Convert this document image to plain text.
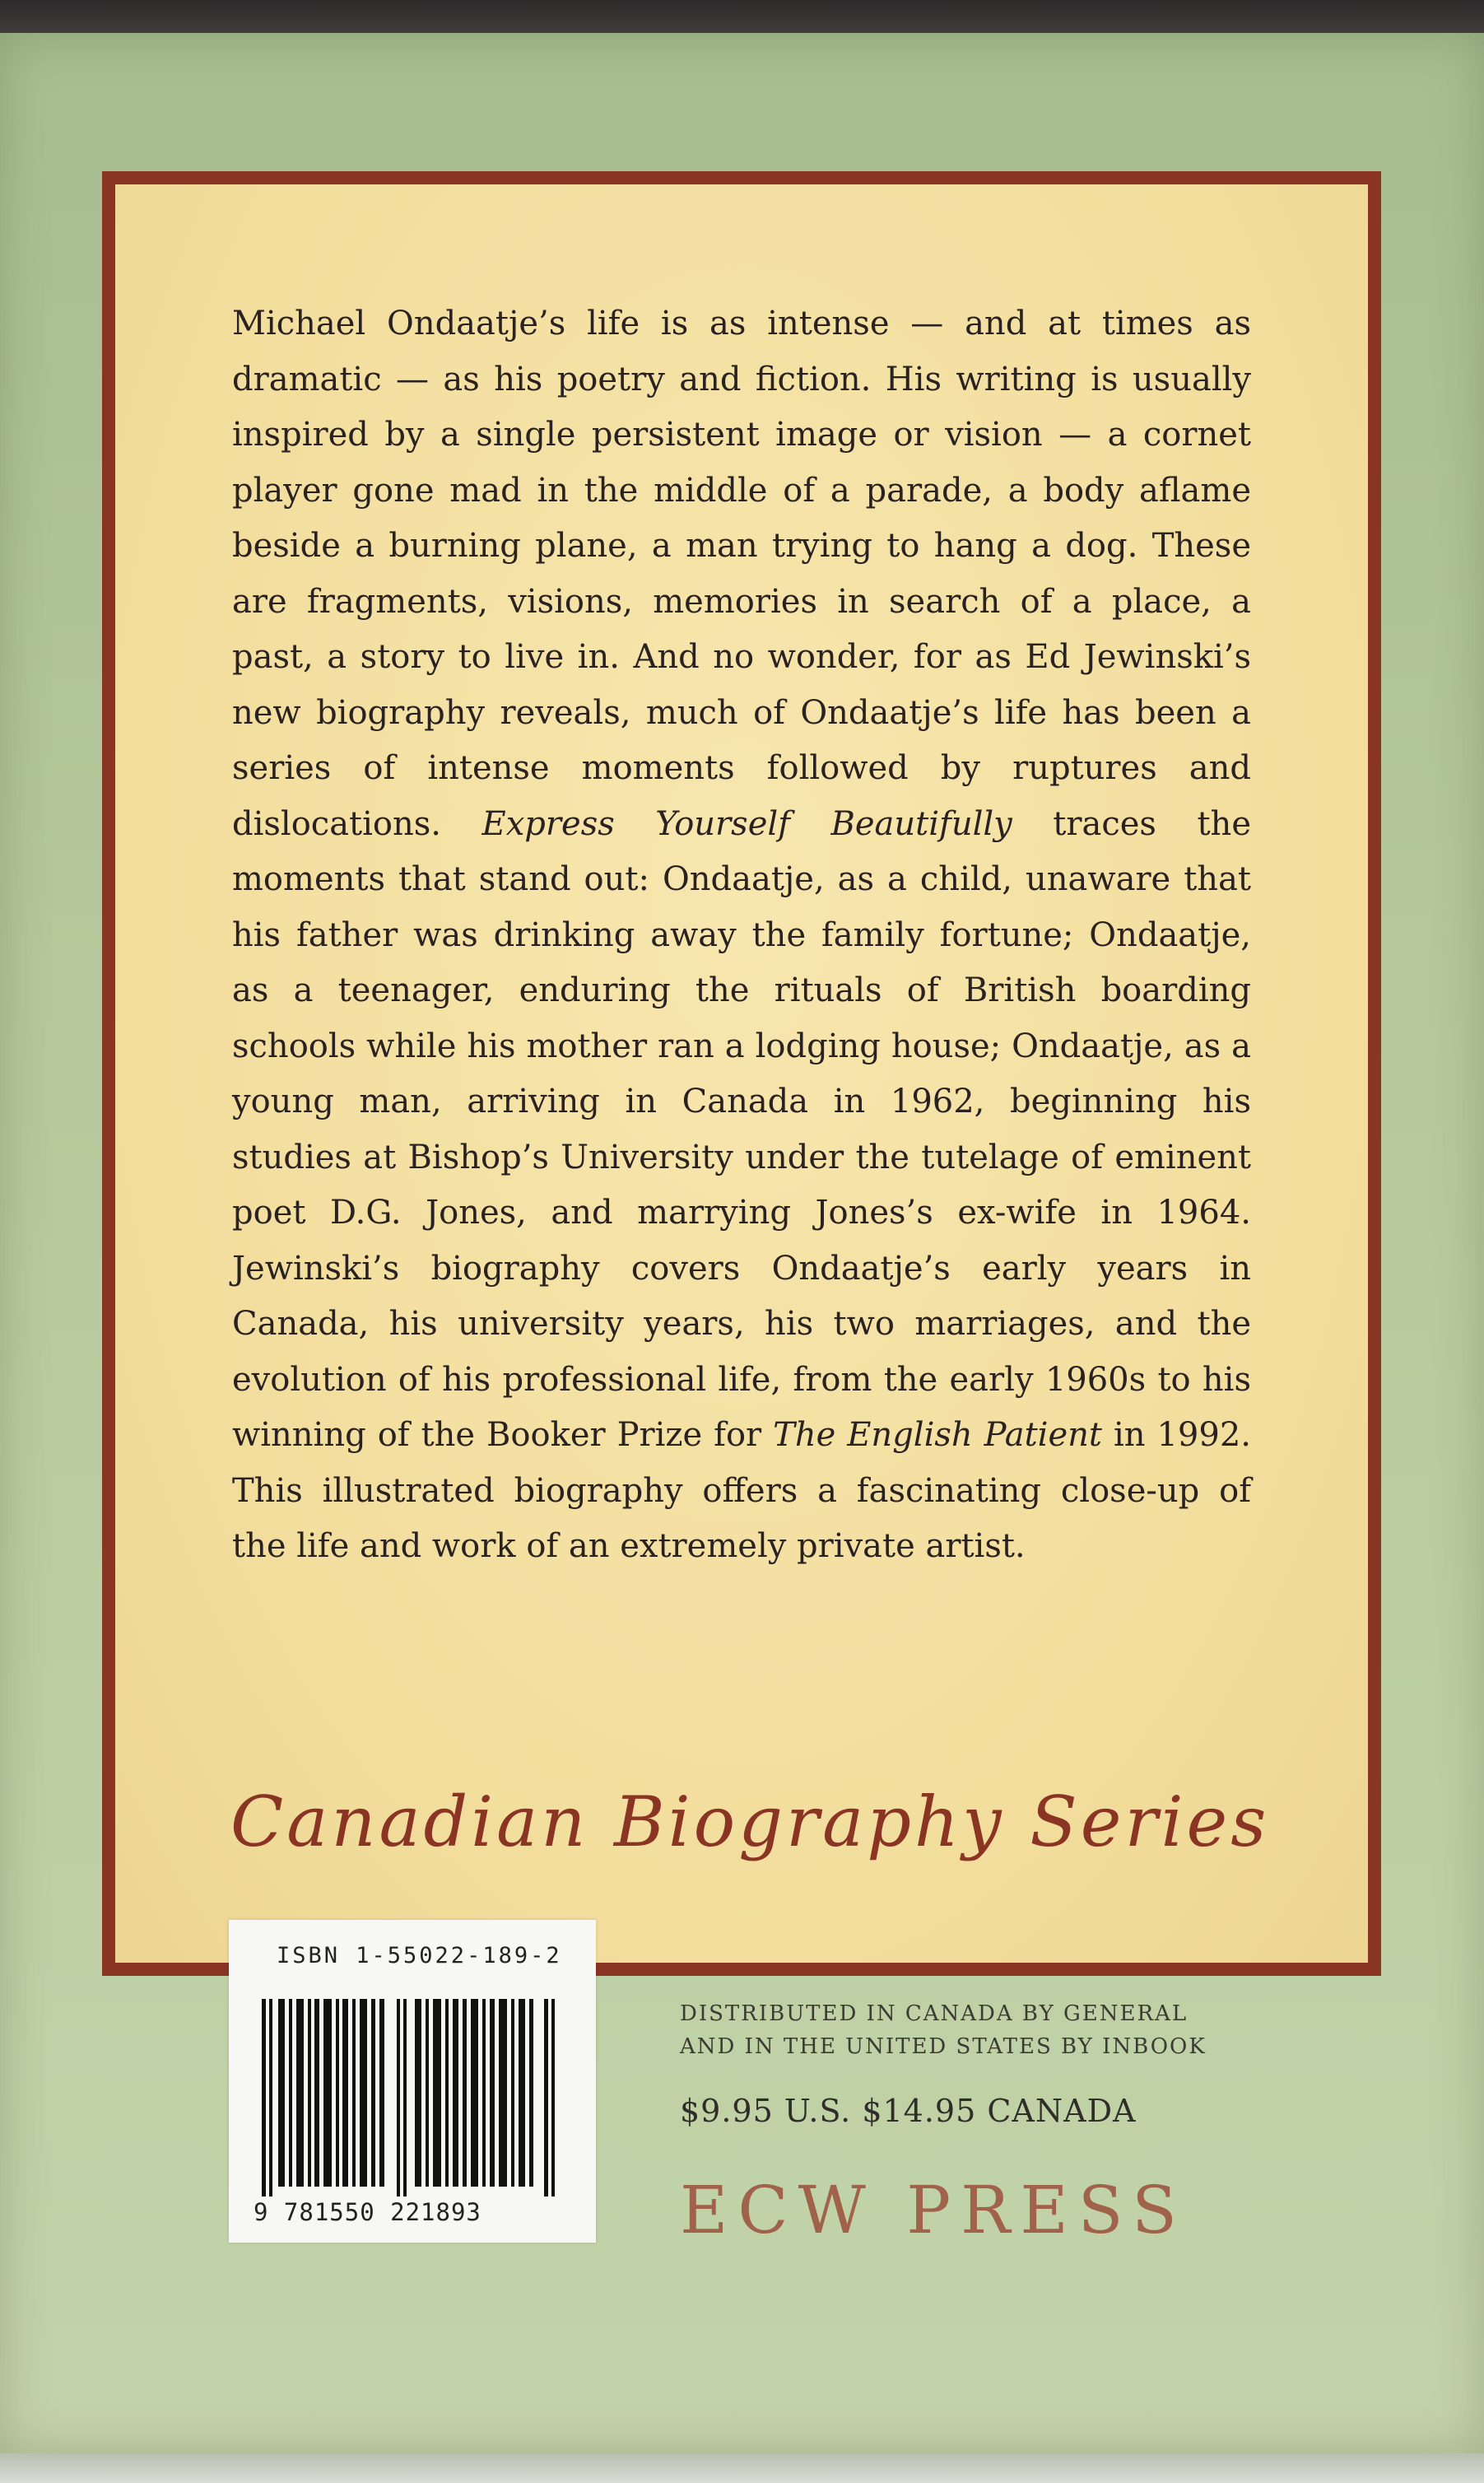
Michael Ondaatje’s life is as intense — and at times as dramatic — as his poetry and fiction. His writing is usually inspired by a single persistent image or vision — a cornet player gone mad in the middle of a parade, a body aflame beside a burning plane, a man trying to hang a dog. These are fragments, visions, memories in search of a place, a past, a story to live in. And no wonder, for as Ed Jewinski’s new biography reveals, much of Ondaatje’s life has been a series of intense moments followed by ruptures and dislocations. Express Yourself Beautifully traces the moments that stand out: Ondaatje, as a child, unaware that his father was drinking away the family fortune; Ondaatje, as a teenager, enduring the rituals of British boarding schools while his mother ran a lodging house; Ondaatje, as a young man, arriving in Canada in 1962, beginning his studies at Bishop’s University under the tutelage of eminent poet D.G. Jones, and marrying Jones’s ex-wife in 1964. Jewinski’s biography covers Ondaatje’s early years in Canada, his university years, his two marriages, and the evolution of his professional life, from the early 1960s to his winning of the Booker Prize for The English Patient in 1992. This illustrated biography offers a fascinating close-up of the life and work of an extremely private artist.

Canadian Biography Series
ISBN 1-55022-189-2
9 781550 221893
DISTRIBUTED IN CANADA BY GENERAL
AND IN THE UNITED STATES BY INBOOK
$9.95 U.S. $14.95 CANADA
ECW PRESS
